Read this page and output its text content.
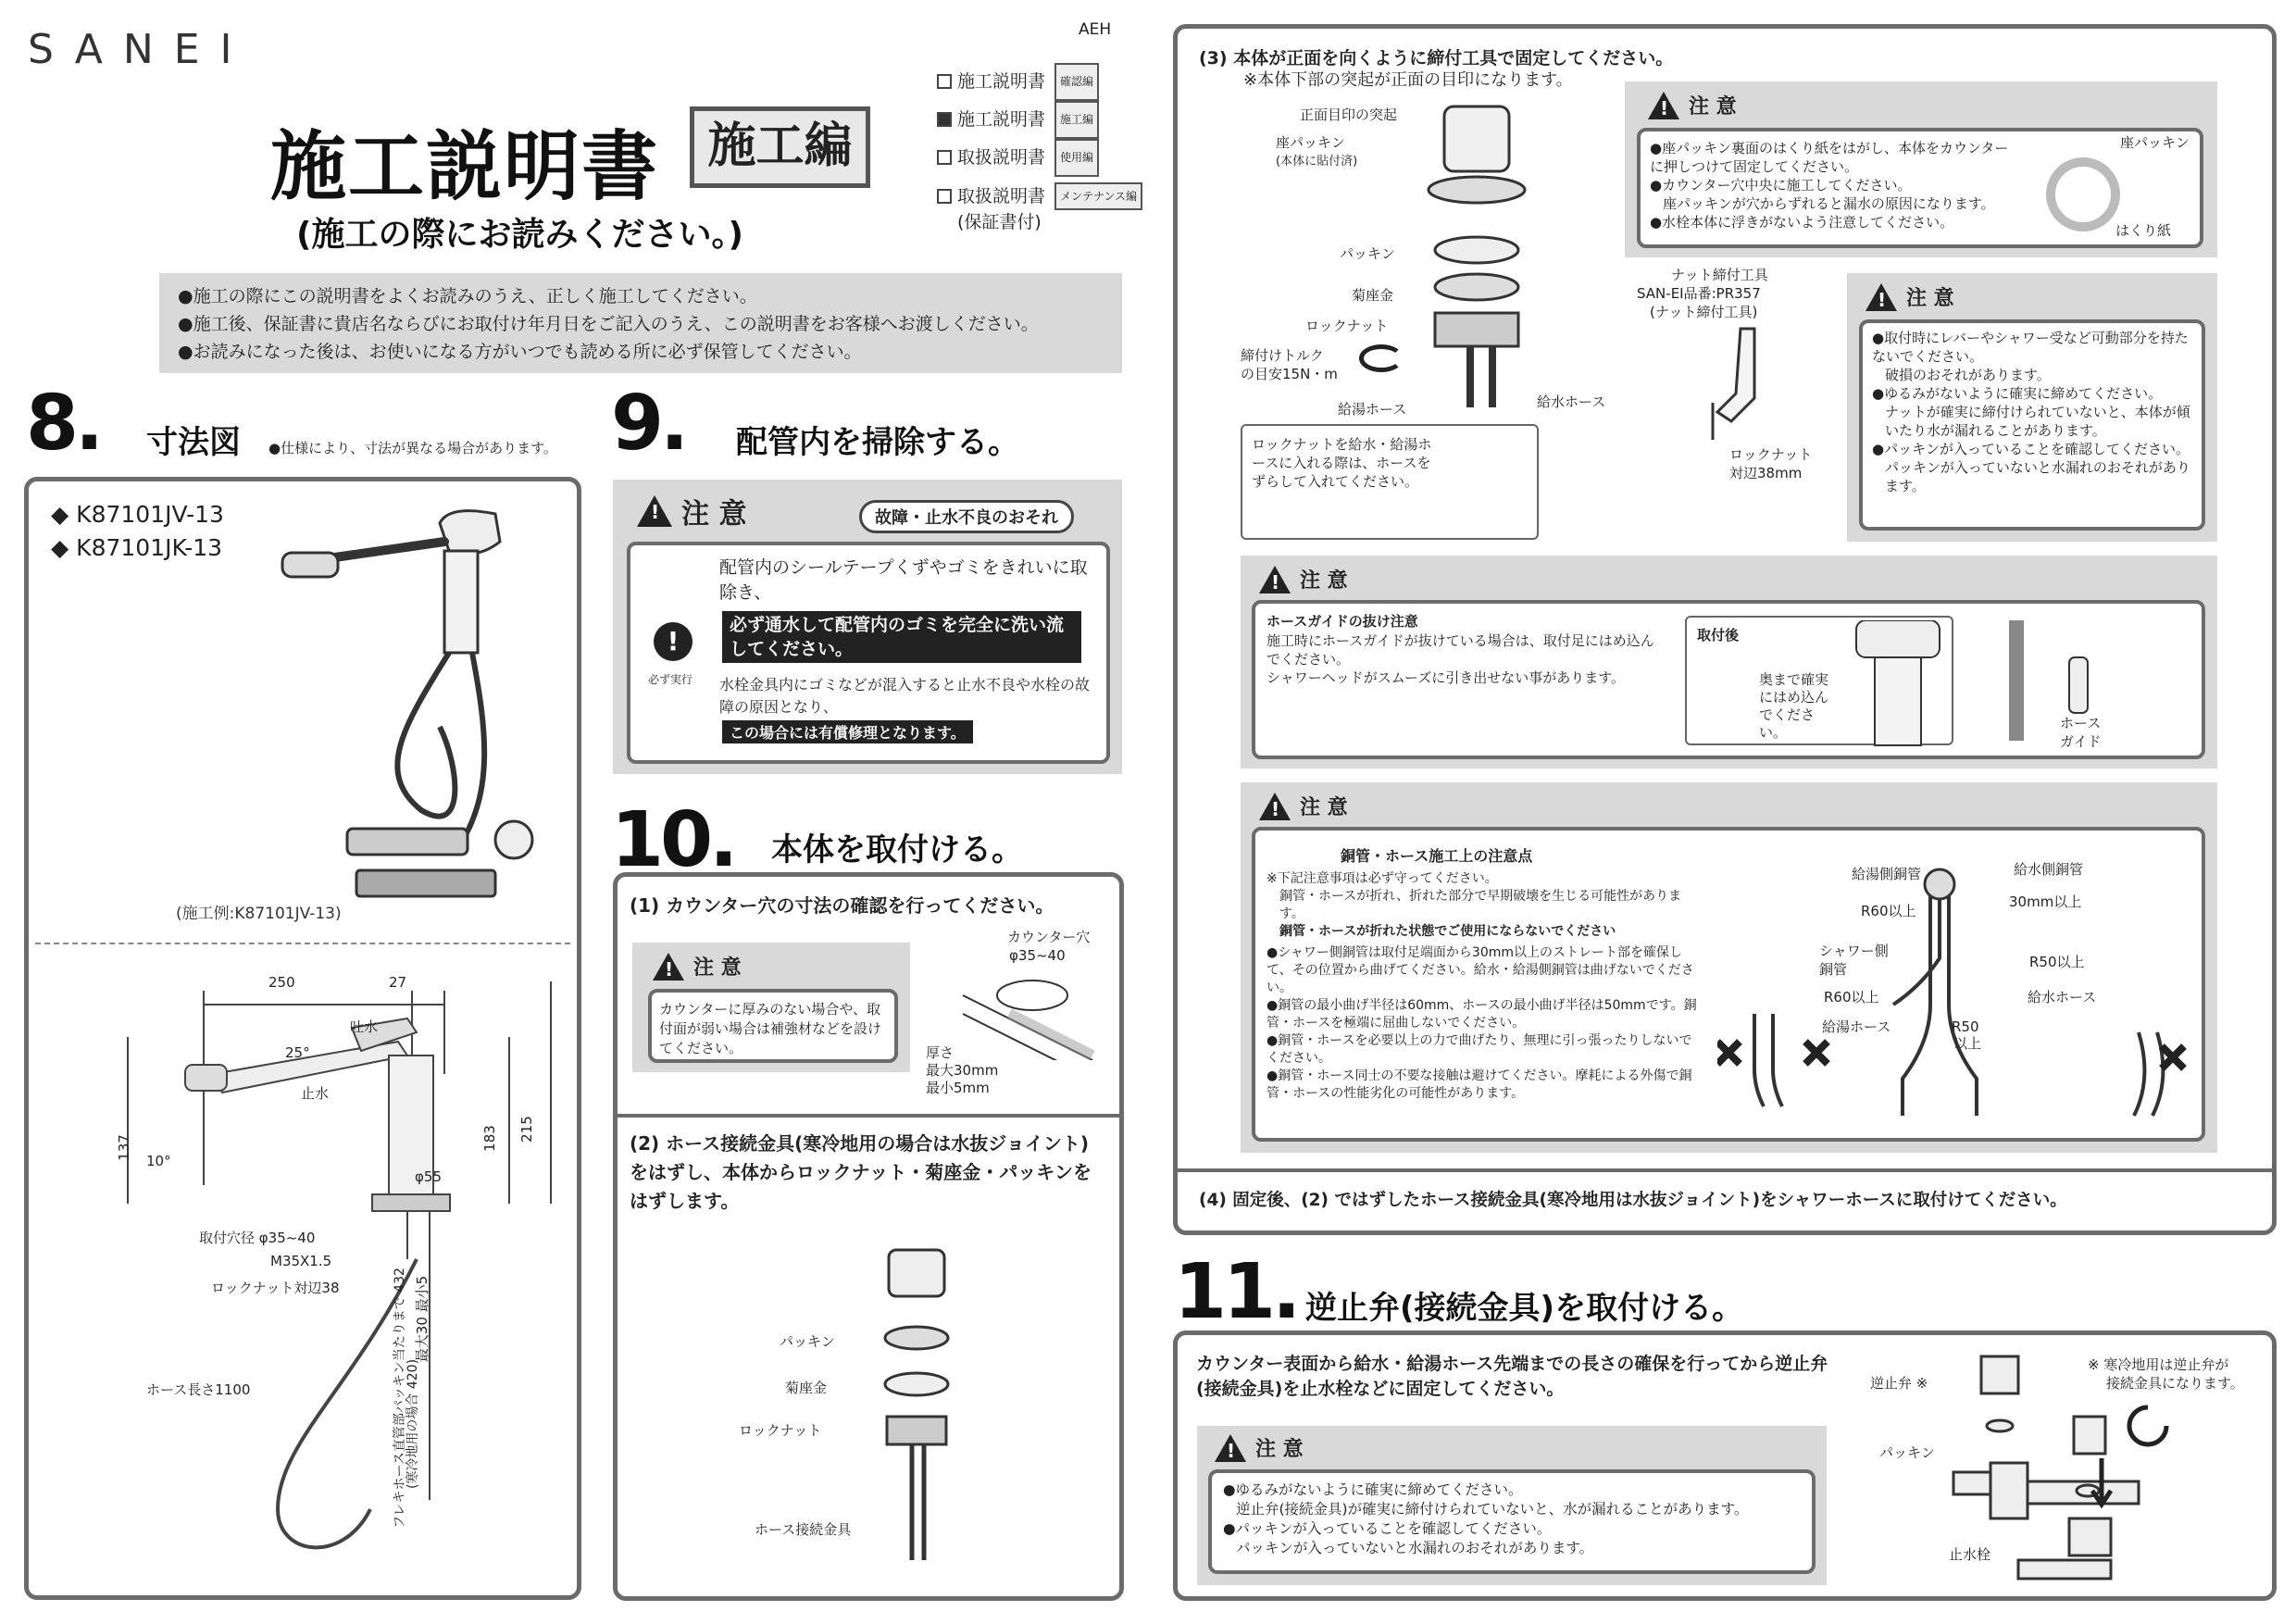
SANEI	AEH
施工説明書	施工編
(施工の際にお読みください。)
施工説明書 確認編
施工説明書 施工編
取扱説明書 使用編
取扱説明書 メンテナンス編
(保証書付)
●施工の際にこの説明書をよくお読みのうえ、正しく施工してください。
●施工後、保証書に貴店名ならびにお取付け年月日をご記入のうえ、この説明書をお客様へお渡しください。
●お読みになった後は、お使いになる方がいつでも読める所に必ず保管してください。
8. 寸法図 ●仕様により、寸法が異なる場合があります。
◆ K87101JV-13
◆ K87101JK-13
(施工例:K87101JV-13)
250	27
吐水
25°
止水
10°
137	183 215
φ55
取付穴径 φ35~40
M35X1.5
ロックナット対辺38
ホース長さ1100
最大30 最小5
フレキホース直管部パッキン当たりまで 432
(寒冷地用の場合 420)
9. 配管内を掃除する。
!
注 意	故障・止水不良のおそれ
!
必ず実行
配管内のシールテープくずやゴミをきれいに取除き、
必ず通水して配管内のゴミを完全に洗い流してください。
水栓金具内にゴミなどが混入すると止水不良や水栓の故障の原因となり、
この場合には有償修理となります。
10. 本体を取付ける。
(1) カウンター穴の寸法の確認を行ってください。
!
注 意
カウンターに厚みのない場合や、取付面が弱い場合は補強材などを設けてください。
カウンター穴
φ35~40
厚さ
最大30mm
最小5mm
(2) ホース接続金具(寒冷地用の場合は水抜ジョイント)をはずし、本体からロックナット・菊座金・パッキンをはずします。
パッキン
菊座金
ロックナット
ホース接続金具
(3) 本体が正面を向くように締付工具で固定してください。
※本体下部の突起が正面の目印になります。
正面目印の突起
座パッキン
(本体に貼付済)
パッキン
菊座金
ロックナット
締付けトルク
の目安15N・m
給湯ホース	給水ホース
ナット締付工具
SAN-EI品番:PR357
(ナット締付工具)
ロックナット
対辺38mm
ロックナットを給水・給湯ホースに入れる際は、ホースをずらして入れてください。
!
注 意
●座パッキン裏面のはくり紙をはがし、本体をカウンターに押しつけて固定してください。
●カウンター穴中央に施工してください。
座パッキンが穴からずれると漏水の原因になります。
●水栓本体に浮きがないよう注意してください。
座パッキン
はくり紙
!
注 意
●取付時にレバーやシャワー受など可動部分を持たないでください。
破損のおそれがあります。
●ゆるみがないように確実に締めてください。
ナットが確実に締付けられていないと、本体が傾いたり水が漏れることがあります。
●パッキンが入っていることを確認してください。
パッキンが入っていないと水漏れのおそれがあります。
!
注 意
ホースガイドの抜け注意
施工時にホースガイドが抜けている場合は、取付足にはめ込んでください。
シャワーヘッドがスムーズに引き出せない事があります。
取付後
奥まで確実にはめ込んでください。
ホース
ガイド
!
注 意
銅管・ホース施工上の注意点
※下記注意事項は必ず守ってください。
銅管・ホースが折れ、折れた部分で早期破壊を生じる可能性があります。
銅管・ホースが折れた状態でご使用にならないでください
●シャワー側銅管は取付足端面から30mm以上のストレート部を確保して、その位置から曲げてください。給水・給湯側銅管は曲げないでください。
●銅管の最小曲げ半径は60mm、ホースの最小曲げ半径は50mmです。銅管・ホースを極端に屈曲しないでください。
●銅管・ホースを必要以上の力で曲げたり、無理に引っ張ったりしないでください。
●銅管・ホース同士の不要な接触は避けてください。摩耗による外傷で銅管・ホースの性能劣化の可能性があります。
給湯側銅管	給水側銅管
R60以上
30mm以上
シャワー側
銅管	R50以上
R60以上	給水ホース
給湯ホース	R50
以上
(4) 固定後、(2) ではずしたホース接続金具(寒冷地用は水抜ジョイント)をシャワーホースに取付けてください。
11. 逆止弁(接続金具)を取付ける。
カウンター表面から給水・給湯ホース先端までの長さの確保を行ってから逆止弁(接続金具)を止水栓などに固定してください。
!
注 意
●ゆるみがないように確実に締めてください。
逆止弁(接続金具)が確実に締付けられていないと、水が漏れることがあります。
●パッキンが入っていることを確認してください。
パッキンが入っていないと水漏れのおそれがあります。
逆止弁 ※
パッキン
止水栓
※ 寒冷地用は逆止弁が
接続金具になります。
